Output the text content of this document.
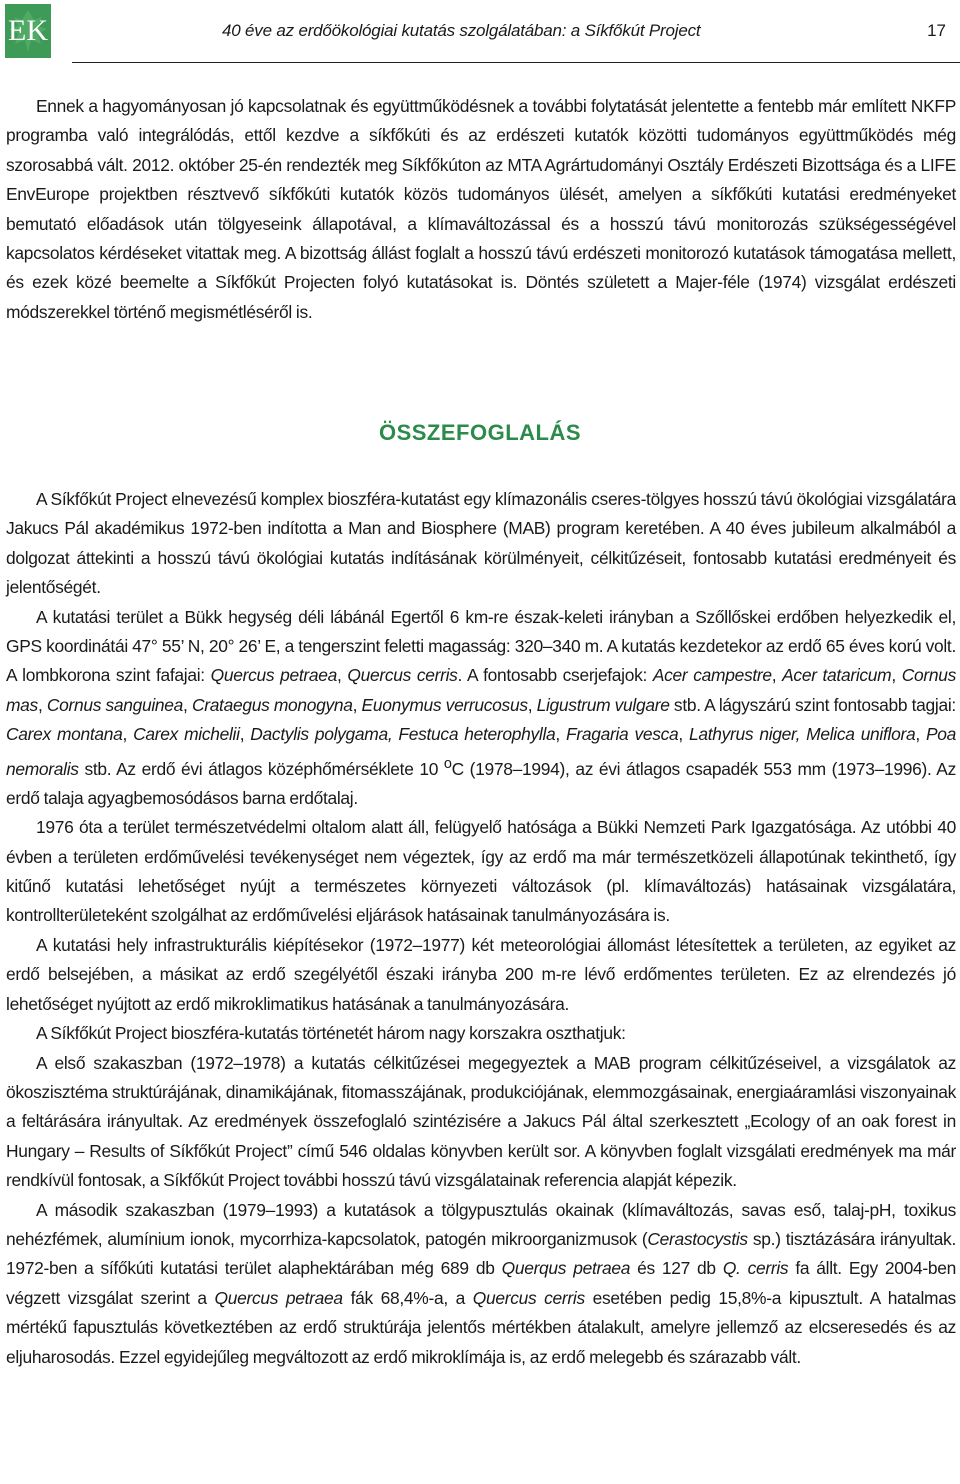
EK	40 éve az erdőökológiai kutatás szolgálatában: a Síkfőkút Project	17

Ennek a hagyományosan jó kapcsolatnak és együttműködésnek a további folytatását jelentette a fentebb már említett NKFP programba való integrálódás, ettől kezdve a síkfőkúti és az erdészeti kutatók közötti tudományos együttműködés még szorosabbá vált. 2012. október 25-én rendezték meg Síkfőkúton az MTA Agrártudományi Osztály Erdészeti Bizottsága és a LIFE EnvEurope projektben résztvevő síkfőkúti kutatók közös tudományos ülését, amelyen a síkfőkúti kutatási eredményeket bemutató előadások után tölgyeseink állapotával, a klímaváltozással és a hosszú távú monitorozás szükségességével kapcsolatos kérdéseket vitattak meg. A bizottság állást foglalt a hosszú távú erdészeti monitorozó kutatások támogatása mellett, és ezek közé beemelte a Síkfőkút Projecten folyó kutatásokat is. Döntés született a Majer-féle (1974) vizsgálat erdészeti módszerekkel történő megismétléséről is.

ÖSSZEFOGLALÁS

A Síkfőkút Project elnevezésű komplex bioszféra-kutatást egy klímazonális cseres-tölgyes hosszú távú ökológiai vizsgálatára Jakucs Pál akadémikus 1972-ben indította a Man and Biosphere (MAB) program keretében. A 40 éves jubileum alkalmából a dolgozat áttekinti a hosszú távú ökológiai kutatás indításának körülményeit, célkitűzéseit, fontosabb kutatási eredményeit és jelentőségét.

A kutatási terület a Bükk hegység déli lábánál Egertől 6 km-re észak-keleti irányban a Szőllőskei erdőben helyezkedik el, GPS koordinátái 47° 55’ N, 20° 26’ E, a tengerszint feletti magasság: 320–340 m. A kutatás kezdetekor az erdő 65 éves korú volt. A lombkorona szint fafajai: Quercus petraea, Quercus cerris. A fontosabb cserjefajok: Acer campestre, Acer tataricum, Cornus mas, Cornus sanguinea, Crataegus monogyna, Euonymus verrucosus, Ligustrum vulgare stb. A lágyszárú szint fontosabb tagjai: Carex montana, Carex michelii, Dactylis polygama, Festuca heterophylla, Fragaria vesca, Lathyrus niger, Melica uniflora, Poa nemoralis stb. Az erdő évi átlagos középhőmérséklete 10 $^o$C (1978–1994), az évi átlagos csapadék 553 mm (1973–1996). Az erdő talaja agyagbemosódásos barna erdőtalaj.

1976 óta a terület természetvédelmi oltalom alatt áll, felügyelő hatósága a Bükki Nemzeti Park Igazgatósága. Az utóbbi 40 évben a területen erdőművelési tevékenységet nem végeztek, így az erdő ma már természetközeli állapotúnak tekinthető, így kitűnő kutatási lehetőséget nyújt a természetes környezeti változások (pl. klímaváltozás) hatásainak vizsgálatára, kontrollterületeként szolgálhat az erdőművelési eljárások hatásainak tanulmányozására is.

A kutatási hely infrastrukturális kiépítésekor (1972–1977) két meteorológiai állomást létesítettek a területen, az egyiket az erdő belsejében, a másikat az erdő szegélyétől északi irányba 200 m-re lévő erdőmentes területen. Ez az elrendezés jó lehetőséget nyújtott az erdő mikroklimatikus hatásának a tanulmányozására.

A Síkfőkút Project bioszféra-kutatás történetét három nagy korszakra oszthatjuk:

A első szakaszban (1972–1978) a kutatás célkitűzései megegyeztek a MAB program célkitűzéseivel, a vizsgálatok az ökoszisztéma struktúrájának, dinamikájának, fitomasszájának, produkciójának, elemmozgásainak, energiaáramlási viszonyainak a feltárására irányultak. Az eredmények összefoglaló szintézisére a Jakucs Pál által szerkesztett „Ecology of an oak forest in Hungary – Results of Síkfőkút Project” című 546 oldalas könyvben került sor. A könyvben foglalt vizsgálati eredmények ma már rendkívül fontosak, a Síkfőkút Project további hosszú távú vizsgálatainak referencia alapját képezik.

A második szakaszban (1979–1993) a kutatások a tölgypusztulás okainak (klímaváltozás, savas eső, talaj-pH, toxikus nehézfémek, alumínium ionok, mycorrhiza-kapcsolatok, patogén mikroorganizmusok (Cerastocystis sp.) tisztázására irányultak. 1972-ben a sífőkúti kutatási terület alaphektárában még 689 db Querqus petraea és 127 db Q. cerris fa állt. Egy 2004-ben végzett vizsgálat szerint a Quercus petraea fák 68,4%-a, a Quercus cerris esetében pedig 15,8%-a kipusztult. A hatalmas mértékű fapusztulás következtében az erdő struktúrája jelentős mértékben átalakult, amelyre jellemző az elcseresedés és az eljuharosodás. Ezzel egyidejűleg megváltozott az erdő mikroklímája is, az erdő melegebb és szárazabb vált.
